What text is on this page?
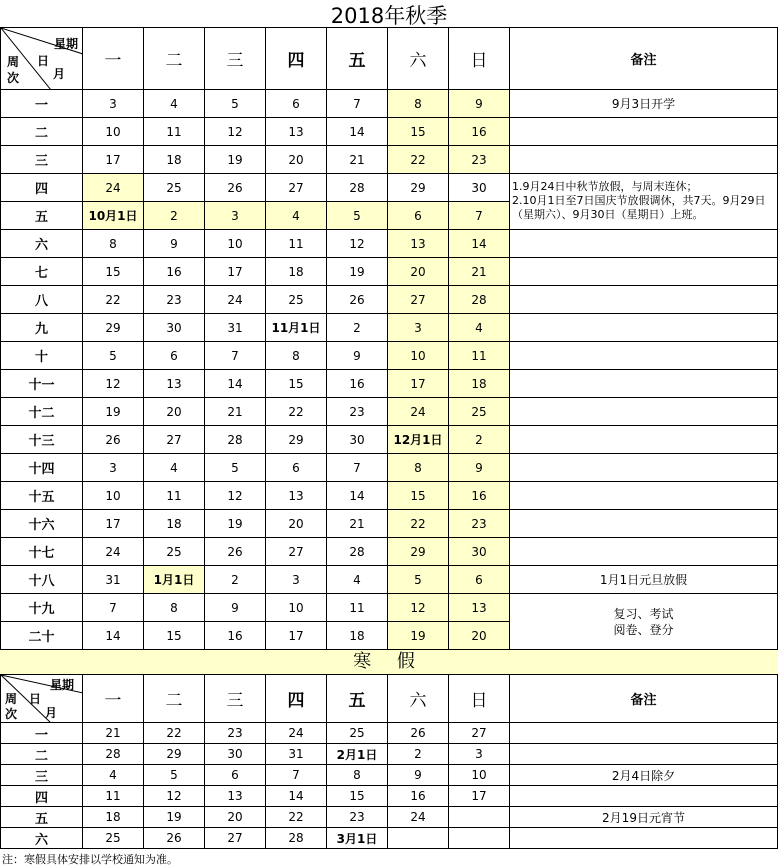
2018年秋季
星期
日
月
周
次	一	二	三	四	五	六	日	备注
一	3	4	5	6	7	8	9	9月3日开学
二	10	11	12	13	14	15	16	
三	17	18	19	20	21	22	23	
四	24	25	26	27	28	29	30	1.9月24日中秋节放假，与周末连休；
2.10月1日至7日国庆节放假调休，共7天。9月29日（星期六）、9月30日（星期日）上班。

五	10月1日	2	3	4	5	6	7	
六	8	9	10	11	12	13	14	
七	15	16	17	18	19	20	21	
八	22	23	24	25	26	27	28	
九	29	30	31	11月1日	2	3	4	
十	5	6	7	8	9	10	11	
十一	12	13	14	15	16	17	18	
十二	19	20	21	22	23	24	25	
十三	26	27	28	29	30	12月1日	2	
十四	3	4	5	6	7	8	9	
十五	10	11	12	13	14	15	16	
十六	17	18	19	20	21	22	23	
十七	24	25	26	27	28	29	30	
十八	31	1月1日	2	3	4	5	6	1月1日元旦放假
十九	7	8	9	10	11	12	13	复习、考试
阅卷、登分

二十	14	15	16	17	18	19	20	
寒 假
星期
日
月
周
次	一	二	三	四	五	六	日	备注
一	21	22	23	24	25	26	27	
二	28	29	30	31	2月1日	2	3	
三	4	5	6	7	8	9	10	2月4日除夕
四	11	12	13	14	15	16	17	
五	18	19	20	22	23	24		2月19日元宵节
六	25	26	27	28	3月1日			
注：寒假具体安排以学校通知为准。
